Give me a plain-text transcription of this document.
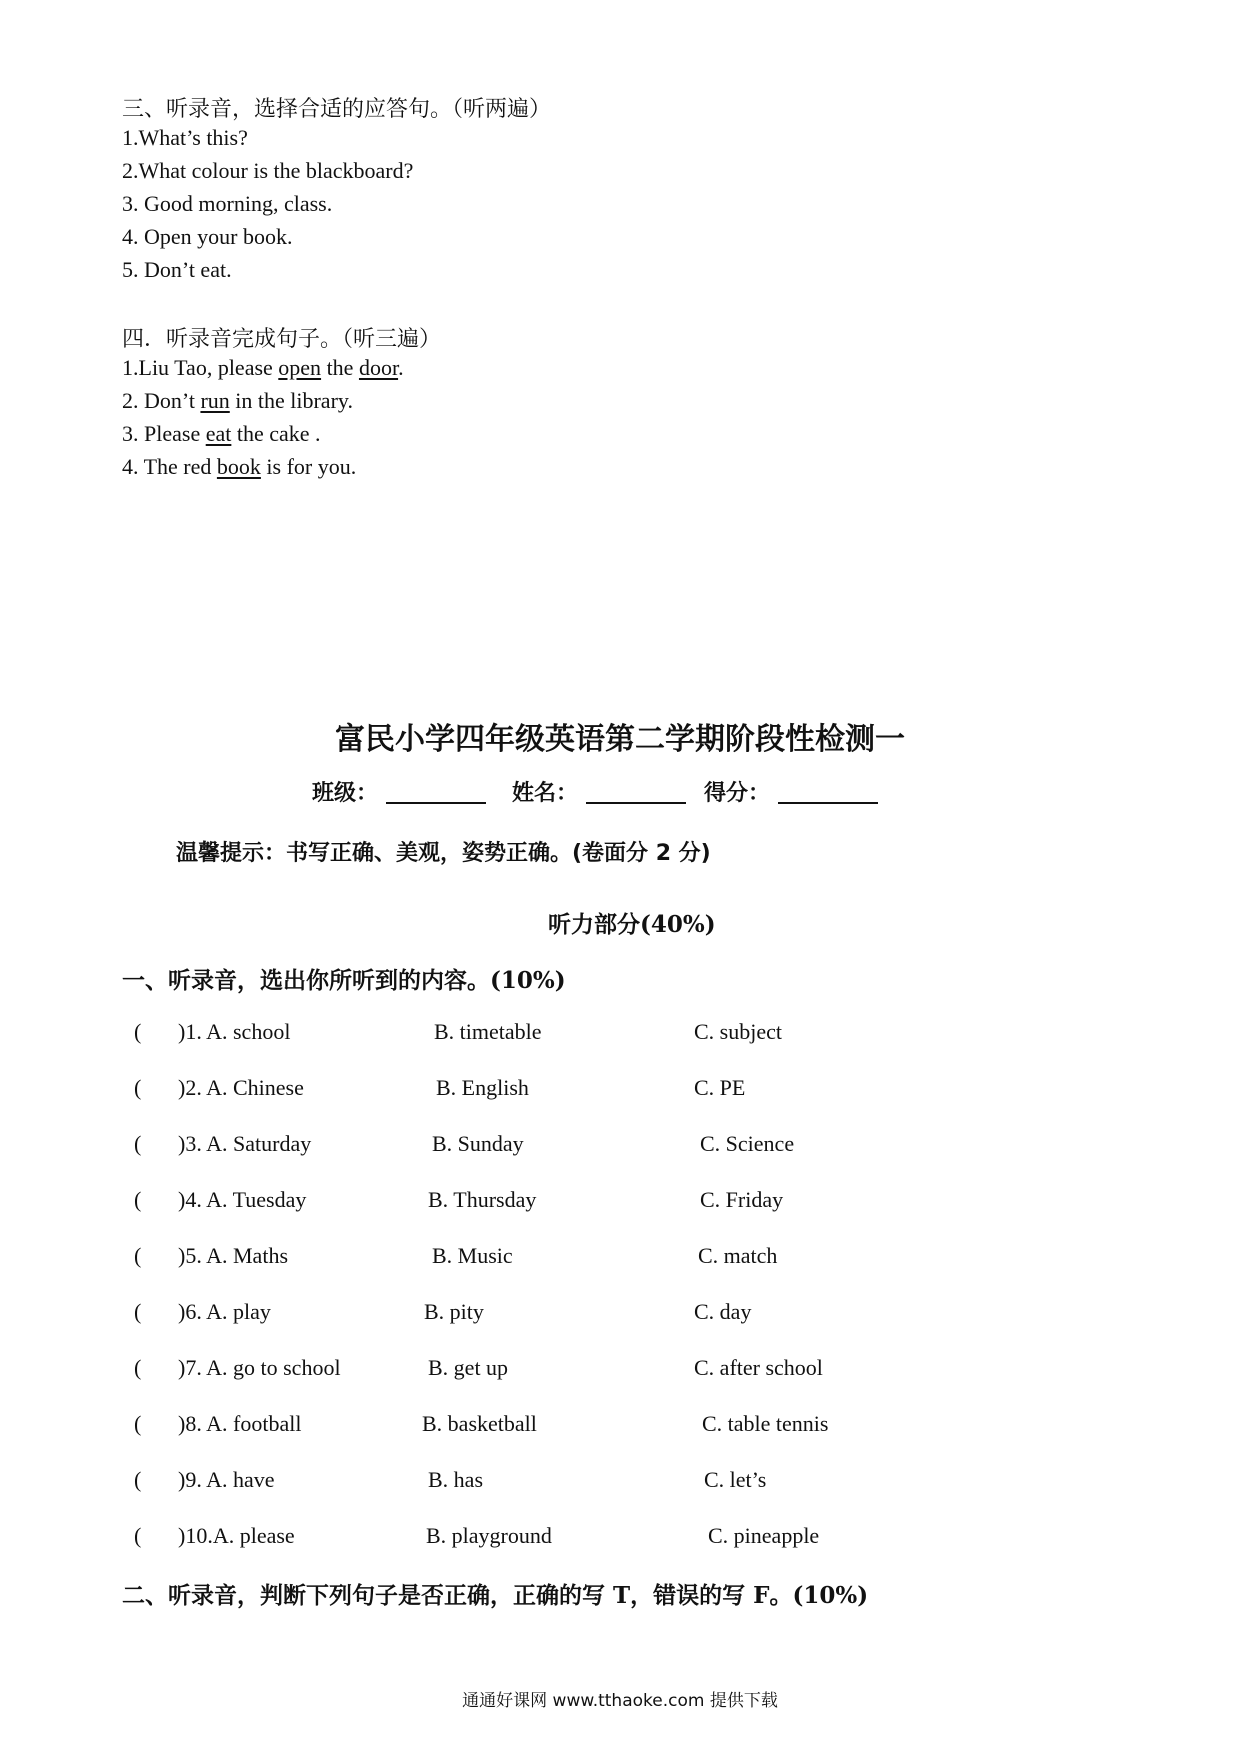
三、听录音，选择合适的应答句。（听两遍）
1.What’s this?
2.What colour is the blackboard?
3. Good morning, class.
4. Open your book.
5. Don’t eat.
四．听录音完成句子。（听三遍）
1.Liu Tao, please open the door.
2. Don’t run in the library.
3. Please eat the cake .
4. The red book is for you.
富民小学四年级英语第二学期阶段性检测一
班级：	姓名：	得分：
温馨提示：书写正确、美观，姿势正确。(卷面分 2 分)
听力部分(40%)
一、听录音，选出你所听到的内容。(10%)
( )1. A. school	B. timetable	C. subject
( )2. A. Chinese	B. English	C. PE
( )3. A. Saturday	B. Sunday	C. Science
( )4. A. Tuesday	B. Thursday	C. Friday
( )5. A. Maths	B. Music	C. match
( )6. A. play	B. pity	C. day
( )7. A. go to school	B. get up	C. after school
( )8. A. football	B. basketball	C. table tennis
( )9. A. have	B. has	C. let’s
( )10.A. please	B. playground	C. pineapple
二、听录音，判断下列句子是否正确，正确的写 T，错误的写 F。(10%)
通通好课网 www.tthaoke.com 提供下载
